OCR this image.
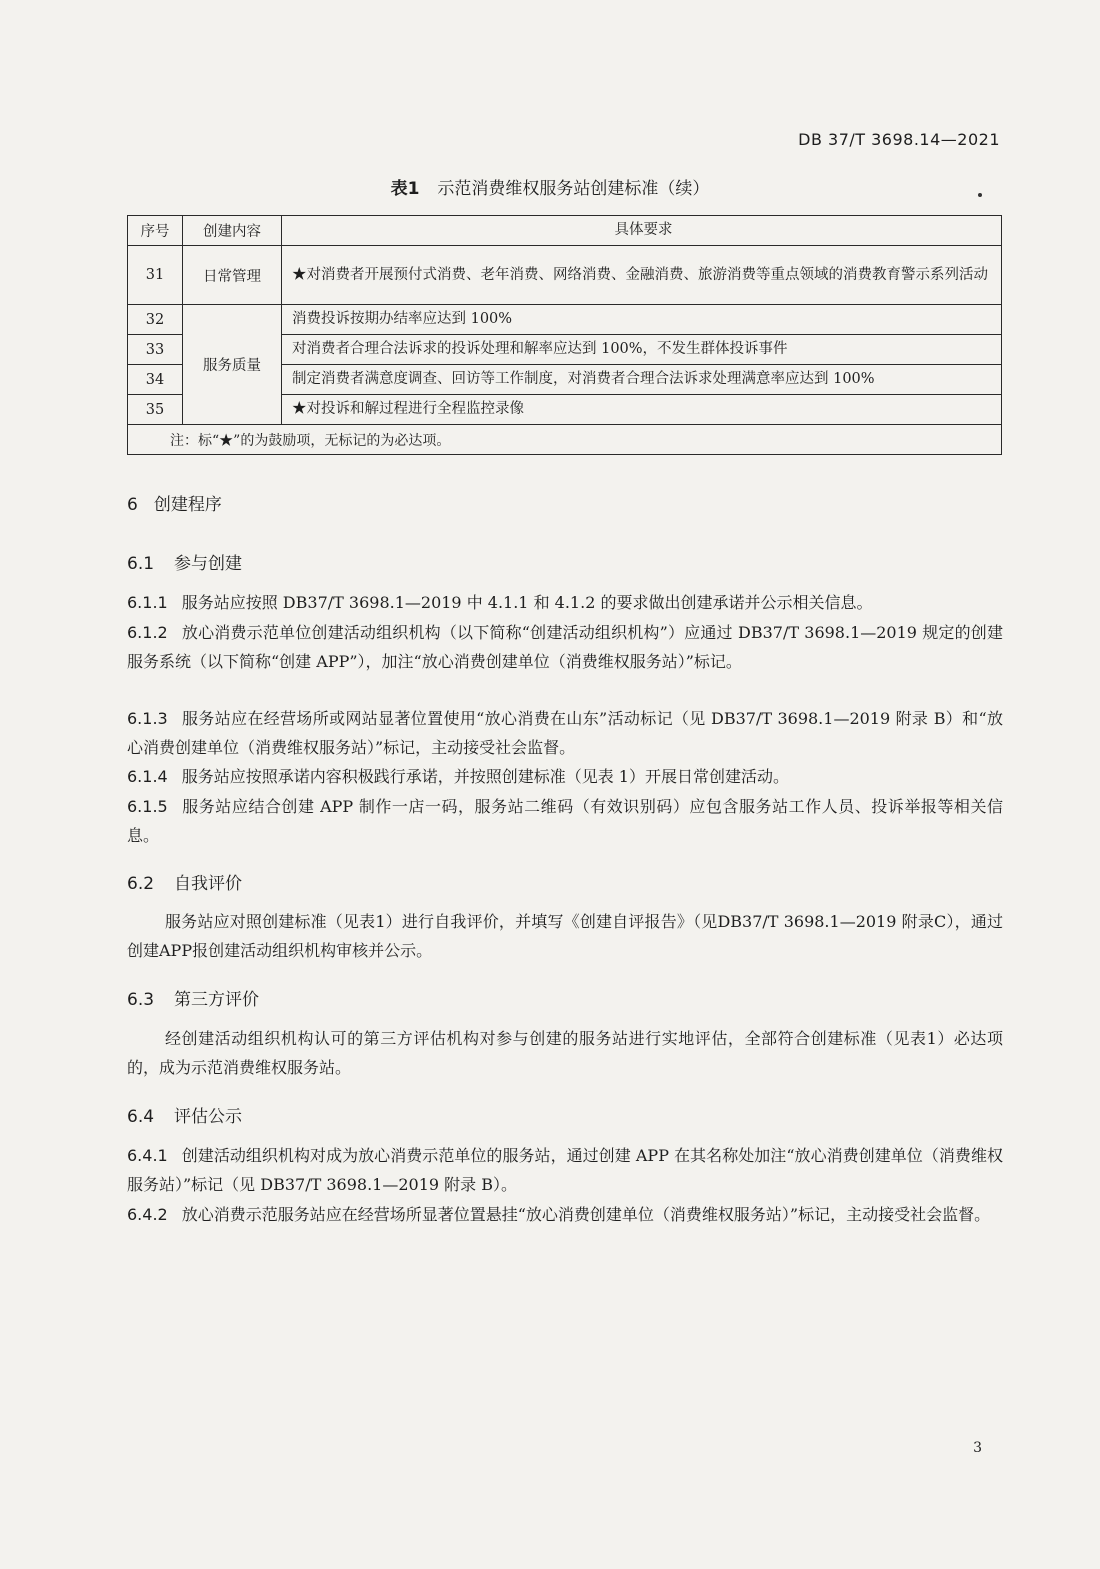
DB 37/T 3698.14—2021
表1 示范消费维权服务站创建标准（续）
序号	创建内容	具体要求
31	日常管理	★对消费者开展预付式消费、老年消费、网络消费、金融消费、旅游消费等重点领域的消费教育警示系列活动
32	服务质量	消费投诉按期办结率应达到 100%
33		对消费者合理合法诉求的投诉处理和解率应达到 100%，不发生群体投诉事件
34		制定消费者满意度调查、回访等工作制度，对消费者合理合法诉求处理满意率应达到 100%
35		★对投诉和解过程进行全程监控录像
注：标“★”的为鼓励项，无标记的为必达项。		
6 创建程序
6.1 参与创建
6.1.1 服务站应按照 DB37/T 3698.1—2019 中 4.1.1 和 4.1.2 的要求做出创建承诺并公示相关信息。
6.1.2 放心消费示范单位创建活动组织机构（以下简称“创建活动组织机构”）应通过 DB37/T 3698.1—2019 规定的创建服务系统（以下简称“创建 APP”），加注“放心消费创建单位（消费维权服务站）”标记。
6.1.3 服务站应在经营场所或网站显著位置使用“放心消费在山东”活动标记（见 DB37/T 3698.1—2019 附录 B）和“放心消费创建单位（消费维权服务站）”标记，主动接受社会监督。
6.1.4 服务站应按照承诺内容积极践行承诺，并按照创建标准（见表 1）开展日常创建活动。
6.1.5 服务站应结合创建 APP 制作一店一码，服务站二维码（有效识别码）应包含服务站工作人员、投诉举报等相关信息。
6.2 自我评价
服务站应对照创建标准（见表1）进行自我评价，并填写《创建自评报告》（见DB37/T 3698.1—2019 附录C），通过创建APP报创建活动组织机构审核并公示。
6.3 第三方评价
经创建活动组织机构认可的第三方评估机构对参与创建的服务站进行实地评估，全部符合创建标准（见表1）必达项的，成为示范消费维权服务站。
6.4 评估公示
6.4.1 创建活动组织机构对成为放心消费示范单位的服务站，通过创建 APP 在其名称处加注“放心消费创建单位（消费维权服务站）”标记（见 DB37/T 3698.1—2019 附录 B）。
6.4.2 放心消费示范服务站应在经营场所显著位置悬挂“放心消费创建单位（消费维权服务站）”标记，主动接受社会监督。
3
